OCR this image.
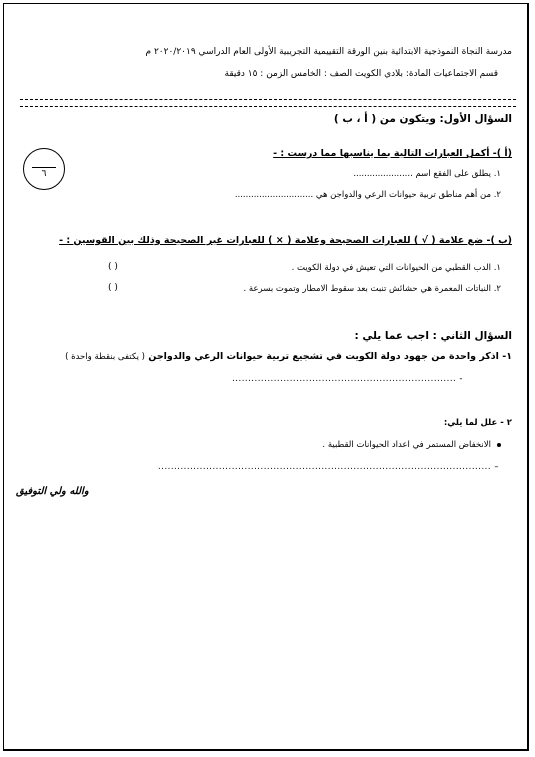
مدرسة النجاة النموذجية الابتدائية بنين الورقة التقييمية التجريبية الأولى العام الدراسي ٢٠٢٠/٢٠١٩ م
قسم الاجتماعيات المادة: بلادي الكويت الصف : الخامس الزمن : ١٥ دقيقة
السؤال الأول: ويتكون من ( أ ، ب )
٦
(أ )- أكمل العبارات التالية بما يناسبها مما درست : -
١. يطلق على الفقع اسم ......................
٢. من أهم مناطق تربية حيوانات الرعي والدواجن هي .............................
(ب )- ضع علامة ( √ ) للعبارات الصحيحة وعلامة ( × ) للعبارات غير الصحيحة وذلك بين القوسين : -
١. الدب القطبي من الحيوانات التي تعيش في دولة الكويت .
( )
٢. النباتات المعمرة هي حشائش تنبت بعد سقوط الامطار وتموت بسرعة .
( )
السؤال الثاني : اجب عما يلي :
١- اذكر واحدة من جهود دولة الكويت في تشجيع تربية حيوانات الرعي والدواجن ( يكتفى بنقطة واحدة )
- ......................................................................
٢ - علل لما يلي:
الانخفاض المستمر في اعداد الحيوانات القطبية .
– ........................................................................................................
والله ولي التوفيق
